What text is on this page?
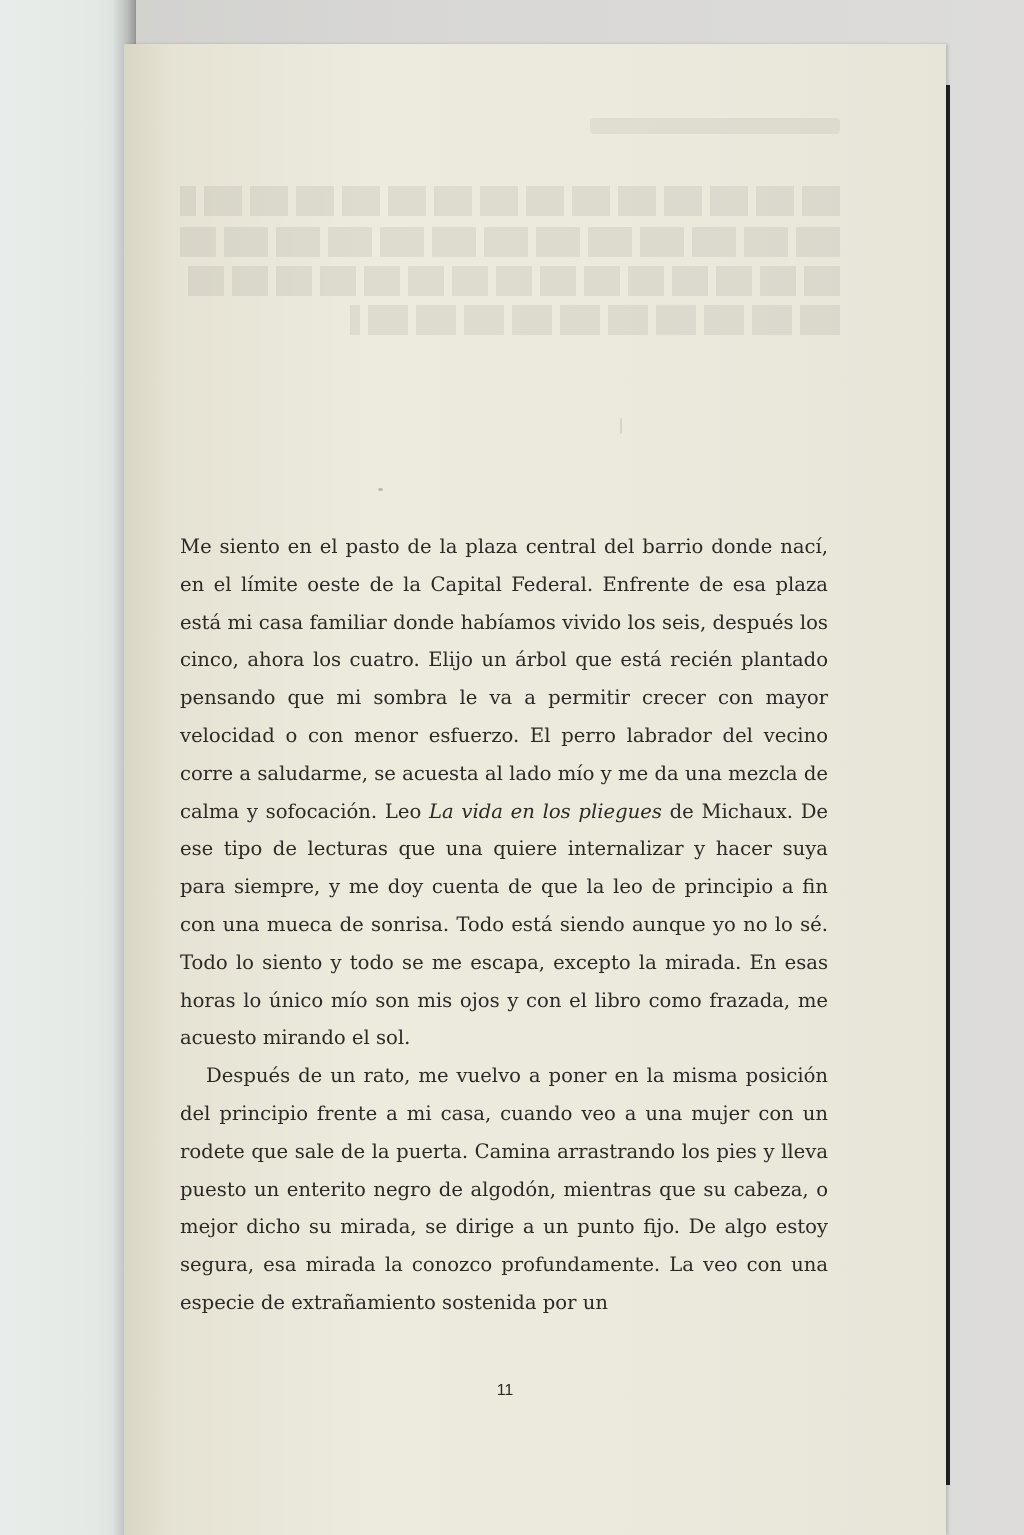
Me siento en el pasto de la plaza central del barrio donde nací, en el límite oeste de la Capital Federal. Enfrente de esa plaza está mi casa familiar donde habíamos vivido los seis, después los cinco, ahora los cuatro. Elijo un árbol que está recién plantado pensando que mi sombra le va a permitir crecer con mayor velocidad o con menor esfuerzo. El perro labrador del vecino corre a saludarme, se acuesta al lado mío y me da una mezcla de calma y sofocación. Leo La vida en los pliegues de Michaux. De ese tipo de lecturas que una quiere internalizar y hacer suya para siempre, y me doy cuenta de que la leo de principio a fin con una mueca de sonrisa. Todo está siendo aunque yo no lo sé. Todo lo siento y todo se me escapa, excepto la mirada. En esas horas lo único mío son mis ojos y con el libro como frazada, me acuesto mirando el sol.

Después de un rato, me vuelvo a poner en la misma posición del principio frente a mi casa, cuando veo a una mujer con un rodete que sale de la puerta. Camina arrastrando los pies y lleva puesto un enterito negro de algodón, mientras que su cabeza, o mejor dicho su mirada, se dirige a un punto fijo. De algo estoy segura, esa mirada la conozco profundamente. La veo con una especie de extrañamiento sostenida por un

11
